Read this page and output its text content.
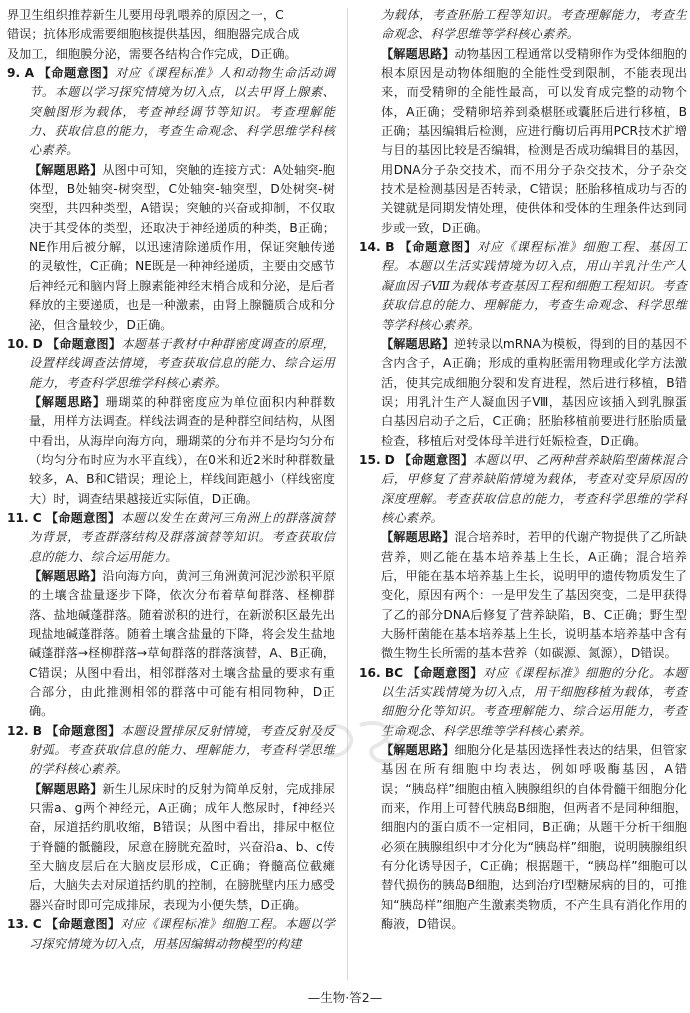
界卫生组织推荐新生儿要用母乳喂养的原因之一，C

错误；抗体形成需要细胞核提供基因，细胞器完成合成

及加工，细胞膜分泌，需要各结构合作完成，D正确。

9. A 【命题意图】对应《课程标准》人和动物生命活动调节。本题以学习探究情境为切入点，以去甲肾上腺素、突触图形为载体，考查神经调节等知识。考查理解能力、获取信息的能力，考查生命观念、科学思维学科核心素养。
【解题思路】从图中可知，突触的连接方式：A处轴突-胞体型，B处轴突-树突型，C处轴突-轴突型，D处树突-树突型，共四种类型，A错误；突触的兴奋或抑制，不仅取决于其受体的类型，还取决于神经递质的种类，B正确；NE作用后被分解，以迅速清除递质作用，保证突触传递的灵敏性，C正确；NE既是一种神经递质，主要由交感节后神经元和脑内肾上腺素能神经末梢合成和分泌，是后者释放的主要递质，也是一种激素，由肾上腺髓质合成和分泌，但含量较少，D正确。
10. D 【命题意图】本题基于教材中种群密度调查的原理，设置样线调查法情境，考查获取信息的能力、综合运用能力，考查科学思维学科核心素养。
【解题思路】珊瑚菜的种群密度应为单位面积内种群数量，用样方法调查。样线法调查的是种群空间结构，从图中看出，从海岸向海方向，珊瑚菜的分布并不是均匀分布（均匀分布时应为水平直线），在0米和近2米时种群数量较多，A、B和C错误；理论上，样线间距越小（样线密度大）时，调查结果越接近实际值，D正确。
11. C 【命题意图】本题以发生在黄河三角洲上的群落演替为背景，考查群落结构及群落演替等知识。考查获取信息的能力、综合运用能力。
【解题思路】沿向海方向，黄河三角洲黄河泥沙淤积平原的土壤含盐量逐步下降，依次分布着草甸群落、柽柳群落、盐地碱蓬群落。随着淤积的进行，在新淤积区最先出现盐地碱蓬群落。随着土壤含盐量的下降，将会发生盐地碱蓬群落→柽柳群落→草甸群落的群落演替，A、B正确，C错误；从图中看出，相邻群落对土壤含盐量的要求有重合部分，由此推测相邻的群落中可能有相同物种，D正确。
12. B 【命题意图】本题设置排尿反射情境，考查反射及反射弧。考查获取信息的能力、理解能力，考查科学思维的学科核心素养。
【解题思路】新生儿尿床时的反射为简单反射，完成排尿只需a、g两个神经元，A正确；成年人憋尿时，f神经兴奋，尿道括约肌收缩，B错误；从图中看出，排尿中枢位于脊髓的骶髓段，尿意在膀胱充盈时，兴奋沿a、b、c传至大脑皮层后在大脑皮层形成，C正确；脊髓高位截瘫后，大脑失去对尿道括约肌的控制，在膀胱壁内压力感受器兴奋时即可完成排尿，表现为小便失禁，D正确。
13. C 【命题意图】对应《课程标准》细胞工程。本题以学习探究情境为切入点，用基因编辑动物模型的构建
为载体，考查胚胎工程等知识。考查理解能力，考查生命观念、科学思维等学科核心素养。
【解题思路】动物基因工程通常以受精卵作为受体细胞的根本原因是动物体细胞的全能性受到限制，不能表现出来，而受精卵的全能性最高，可以发育成完整的动物个体，A正确；受精卵培养到桑椹胚或囊胚后进行移植，B正确；基因编辑后检测，应进行酶切后再用PCR技术扩增与目的基因比较是否编辑，检测是否成功编辑目的基因，用DNA分子杂交技术，而不用分子杂交技术，分子杂交技术是检测基因是否转录，C错误；胚胎移植成功与否的关键就是同期发情处理，使供体和受体的生理条件达到同步或一致，D正确。
14. B 【命题意图】对应《课程标准》细胞工程、基因工程。本题以生活实践情境为切入点，用山羊乳汁生产人凝血因子Ⅷ为载体考查基因工程和细胞工程知识。考查获取信息的能力、理解能力，考查生命观念、科学思维等学科核心素养。
【解题思路】逆转录以mRNA为模板，得到的目的基因不含内含子，A正确；形成的重构胚需用物理或化学方法激活，使其完成细胞分裂和发育进程，然后进行移植，B错误；用乳汁生产人凝血因子Ⅷ，基因应该插入到乳腺蛋白基因启动子之后，C正确；胚胎移植前要进行胚胎质量检查，移植后对受体母羊进行妊娠检查，D正确。
15. D 【命题意图】本题以甲、乙两种营养缺陷型菌株混合后，甲修复了营养缺陷情境为载体，考查对变异原因的深度理解。考查获取信息的能力，考查科学思维的学科核心素养。
【解题思路】混合培养时，若甲的代谢产物提供了乙所缺营养，则乙能在基本培养基上生长，A正确；混合培养后，甲能在基本培养基上生长，说明甲的遗传物质发生了变化，原因有两个：一是甲发生了基因突变，二是甲获得了乙的部分DNA后修复了营养缺陷，B、C正确；野生型大肠杆菌能在基本培养基上生长，说明基本培养基中含有微生物生长所需的基本营养（如碳源、氮源），D错误。
16. BC 【命题意图】对应《课程标准》细胞的分化。本题以生活实践情境为切入点，用干细胞移植为载体，考查细胞分化等知识。考查理解能力、综合运用能力，考查生命观念、科学思维等学科核心素养。
【解题思路】细胞分化是基因选择性表达的结果，但管家基因在所有细胞中均表达，例如呼吸酶基因，A错误；“胰岛样”细胞由植入胰腺组织的自体骨髓干细胞分化而来，作用上可替代胰岛B细胞，但两者不是同种细胞，细胞内的蛋白质不一定相同，B正确；从题干分析干细胞必须在胰腺组织中才分化为“胰岛样”细胞，说明胰腺组织有分化诱导因子，C正确；根据题干，“胰岛样”细胞可以替代损伤的胰岛B细胞，达到治疗Ⅰ型糖尿病的目的，可推知“胰岛样”细胞产生激素类物质，不产生具有消化作用的酶液，D错误。
—生物·答2—
